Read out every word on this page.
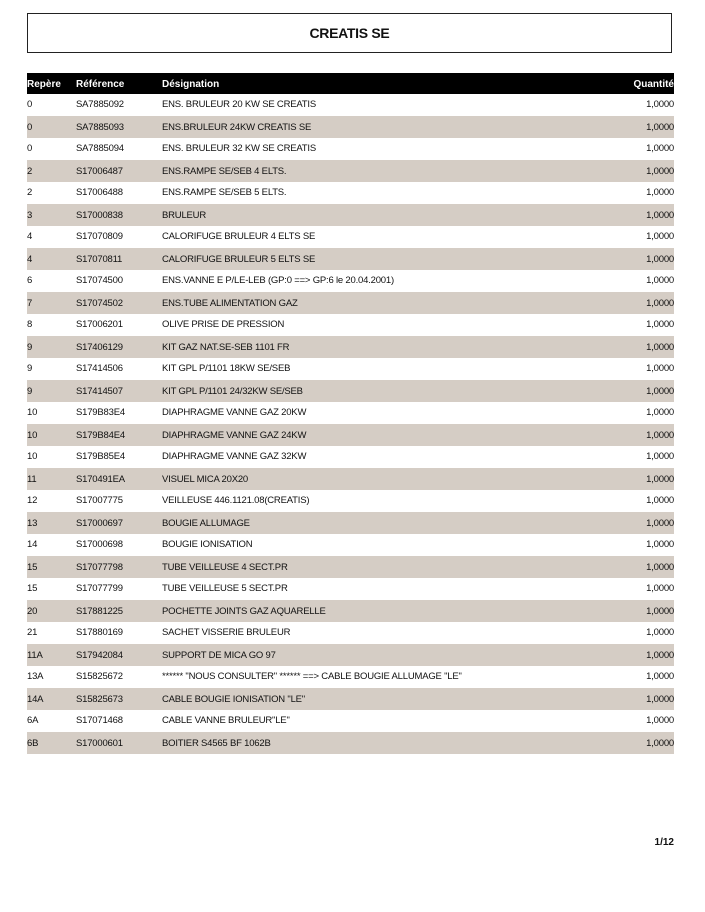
CREATIS SE
Repère Référence	Désignation	Quantité
0	SA7885092	ENS. BRULEUR 20 KW SE CREATIS	1,0000
0	SA7885093	ENS.BRULEUR 24KW CREATIS SE	1,0000
0	SA7885094	ENS. BRULEUR 32 KW SE CREATIS	1,0000
2	S17006487	ENS.RAMPE SE/SEB 4 ELTS.	1,0000
2	S17006488	ENS.RAMPE SE/SEB 5 ELTS.	1,0000
3	S17000838	BRULEUR	1,0000
4	S17070809	CALORIFUGE BRULEUR 4 ELTS SE	1,0000
4	S17070811	CALORIFUGE BRULEUR 5 ELTS SE	1,0000
6	S17074500	ENS.VANNE E P/LE-LEB (GP:0 ==> GP:6 le 20.04.2001)	1,0000
7	S17074502	ENS.TUBE ALIMENTATION GAZ	1,0000
8	S17006201	OLIVE PRISE DE PRESSION	1,0000
9	S17406129	KIT GAZ NAT.SE-SEB 1101 FR	1,0000
9	S17414506	KIT GPL P/1101 18KW SE/SEB	1,0000
9	S17414507	KIT GPL P/1101 24/32KW SE/SEB	1,0000
10	S179B83E4	DIAPHRAGME VANNE GAZ 20KW	1,0000
10	S179B84E4	DIAPHRAGME VANNE GAZ 24KW	1,0000
10	S179B85E4	DIAPHRAGME VANNE GAZ 32KW	1,0000
11	S170491EA	VISUEL MICA 20X20	1,0000
12	S17007775	VEILLEUSE 446.1121.08(CREATIS)	1,0000
13	S17000697	BOUGIE ALLUMAGE	1,0000
14	S17000698	BOUGIE IONISATION	1,0000
15	S17077798	TUBE VEILLEUSE 4 SECT.PR	1,0000
15	S17077799	TUBE VEILLEUSE 5 SECT.PR	1,0000
20	S17881225	POCHETTE JOINTS GAZ AQUARELLE	1,0000
21	S17880169	SACHET VISSERIE BRULEUR	1,0000
11A	S17942084	SUPPORT DE MICA GO 97	1,0000
13A	S15825672	****** "NOUS CONSULTER" ****** ==> CABLE BOUGIE ALLUMAGE "LE"	1,0000
14A	S15825673	CABLE BOUGIE IONISATION "LE"	1,0000
6A	S17071468	CABLE VANNE BRULEUR"LE"	1,0000
6B	S17000601	BOITIER S4565 BF 1062B	1,0000
1/12
